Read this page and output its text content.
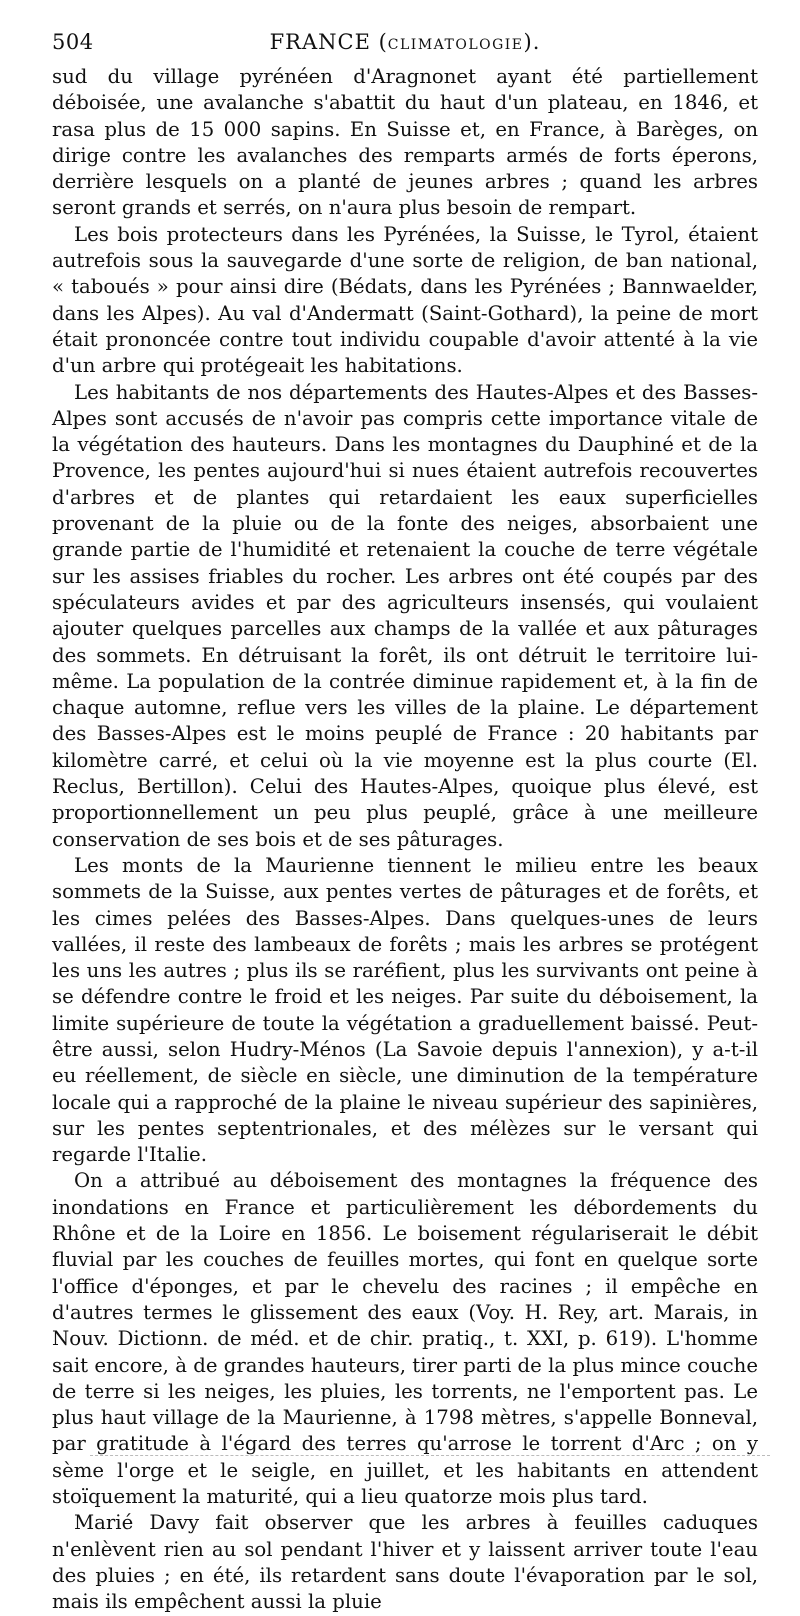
504	FRANCE (CLIMATOLOGIE).

sud du village pyrénéen d'Aragnonet ayant été partiellement déboisée, une avalanche s'abattit du haut d'un plateau, en 1846, et rasa plus de 15 000 sapins. En Suisse et, en France, à Barèges, on dirige contre les avalanches des remparts armés de forts éperons, derrière lesquels on a planté de jeunes arbres ; quand les arbres seront grands et serrés, on n'aura plus besoin de rempart.

Les bois protecteurs dans les Pyrénées, la Suisse, le Tyrol, étaient autrefois sous la sauvegarde d'une sorte de religion, de ban national, « taboués » pour ainsi dire (Bédats, dans les Pyrénées ; Bannwaelder, dans les Alpes). Au val d'Andermatt (Saint-Gothard), la peine de mort était prononcée contre tout individu coupable d'avoir attenté à la vie d'un arbre qui protégeait les habitations.

Les habitants de nos départements des Hautes-Alpes et des Basses-Alpes sont accusés de n'avoir pas compris cette importance vitale de la végétation des hauteurs. Dans les montagnes du Dauphiné et de la Provence, les pentes aujourd'hui si nues étaient autrefois recouvertes d'arbres et de plantes qui retardaient les eaux superficielles provenant de la pluie ou de la fonte des neiges, absorbaient une grande partie de l'humidité et retenaient la couche de terre végétale sur les assises friables du rocher. Les arbres ont été coupés par des spéculateurs avides et par des agriculteurs insensés, qui voulaient ajouter quelques parcelles aux champs de la vallée et aux pâturages des sommets. En détruisant la forêt, ils ont détruit le territoire lui-même. La population de la contrée diminue rapidement et, à la fin de chaque automne, reflue vers les villes de la plaine. Le département des Basses-Alpes est le moins peuplé de France : 20 habitants par kilomètre carré, et celui où la vie moyenne est la plus courte (El. Reclus, Bertillon). Celui des Hautes-Alpes, quoique plus élevé, est proportionnellement un peu plus peuplé, grâce à une meilleure conservation de ses bois et de ses pâturages.

Les monts de la Maurienne tiennent le milieu entre les beaux sommets de la Suisse, aux pentes vertes de pâturages et de forêts, et les cimes pelées des Basses-Alpes. Dans quelques-unes de leurs vallées, il reste des lambeaux de forêts ; mais les arbres se protégent les uns les autres ; plus ils se raréfient, plus les survivants ont peine à se défendre contre le froid et les neiges. Par suite du déboisement, la limite supérieure de toute la végétation a graduellement baissé. Peut-être aussi, selon Hudry-Ménos (La Savoie depuis l'annexion), y a-t-il eu réellement, de siècle en siècle, une diminution de la température locale qui a rapproché de la plaine le niveau supérieur des sapinières, sur les pentes septentrionales, et des mélèzes sur le versant qui regarde l'Italie.

On a attribué au déboisement des montagnes la fréquence des inondations en France et particulièrement les débordements du Rhône et de la Loire en 1856. Le boisement régulariserait le débit fluvial par les couches de feuilles mortes, qui font en quelque sorte l'office d'éponges, et par le chevelu des racines ; il empêche en d'autres termes le glissement des eaux (Voy. H. Rey, art. Marais, in Nouv. Dictionn. de méd. et de chir. pratiq., t. XXI, p. 619). L'homme sait encore, à de grandes hauteurs, tirer parti de la plus mince couche de terre si les neiges, les pluies, les torrents, ne l'emportent pas. Le plus haut village de la Maurienne, à 1798 mètres, s'appelle Bonneval, par gratitude à l'égard des terres qu'arrose le torrent d'Arc ; on y sème l'orge et le seigle, en juillet, et les habitants en attendent stoïquement la maturité, qui a lieu quatorze mois plus tard.

Marié Davy fait observer que les arbres à feuilles caduques n'enlèvent rien au sol pendant l'hiver et y laissent arriver toute l'eau des pluies ; en été, ils retardent sans doute l'évaporation par le sol, mais ils empêchent aussi la pluie
